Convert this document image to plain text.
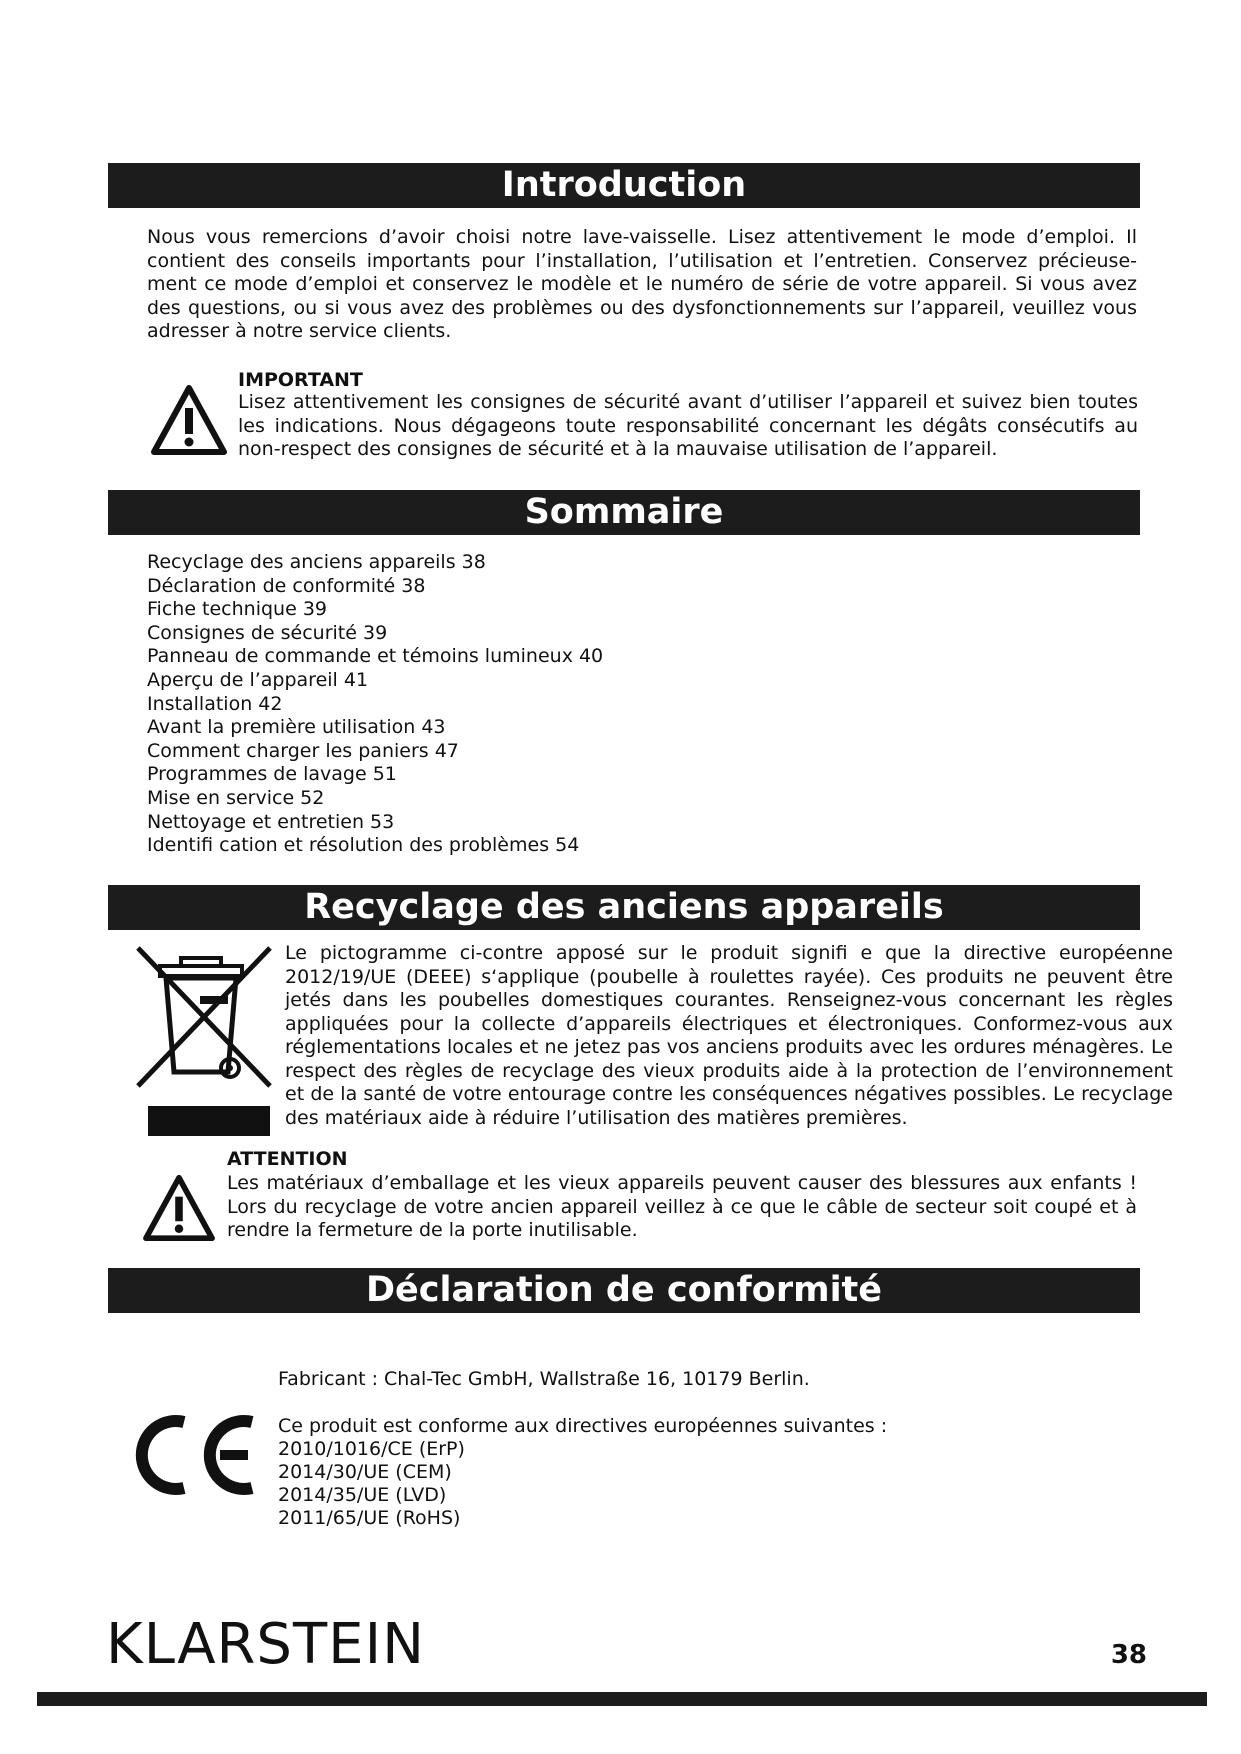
Introduction

Nous vous remercions d’avoir choisi notre lave-vaisselle. Lisez attentivement le mode d’emploi. Il contient des conseils importants pour l’installation, l’utilisation et l’entretien. Conservez précieuse-ment ce mode d’emploi et conservez le modèle et le numéro de série de votre appareil. Si vous avez des questions, ou si vous avez des problèmes ou des dysfonctionnements sur l’appareil, veuillez vous adresser à notre service clients.

IMPORTANT

Lisez attentivement les consignes de sécurité avant d’utiliser l’appareil et suivez bien toutes les indications. Nous dégageons toute responsabilité concernant les dégâts consécutifs au non-respect des consignes de sécurité et à la mauvaise utilisation de l’appareil.

Sommaire
Recyclage des anciens appareils 38
Déclaration de conformité 38
Fiche technique 39
Consignes de sécurité 39
Panneau de commande et témoins lumineux 40
Aperçu de l’appareil 41
Installation 42
Avant la première utilisation 43
Comment charger les paniers 47
Programmes de lavage 51
Mise en service 52
Nettoyage et entretien 53
Identifi cation et résolution des problèmes 54
Recyclage des anciens appareils

Le pictogramme ci-contre apposé sur le produit signifi e que la directive européenne 2012/19/UE (DEEE) s‘applique (poubelle à roulettes rayée). Ces produits ne peuvent être jetés dans les poubelles domestiques courantes. Renseignez-vous concernant les règles appliquées pour la collecte d’appareils électriques et électroniques. Conformez-vous aux réglementations locales et ne jetez pas vos anciens produits avec les ordures ménagères. Le respect des règles de recyclage des vieux produits aide à la protection de l’environnement et de la santé de votre entourage contre les conséquences négatives possibles. Le recyclage des matériaux aide à réduire l’utilisation des matières premières.

ATTENTION

Les matériaux d’emballage et les vieux appareils peuvent causer des blessures aux enfants ! Lors du recyclage de votre ancien appareil veillez à ce que le câble de secteur soit coupé et à rendre la fermeture de la porte inutilisable.

Déclaration de conformité

Fabricant : Chal-Tec GmbH, Wallstraße 16, 10179 Berlin.

Ce produit est conforme aux directives européennes suivantes :

2010/1016/CE (ErP)

2014/30/UE (CEM)

2014/35/UE (LVD)

2011/65/UE (RoHS)

KLARSTEIN	38
